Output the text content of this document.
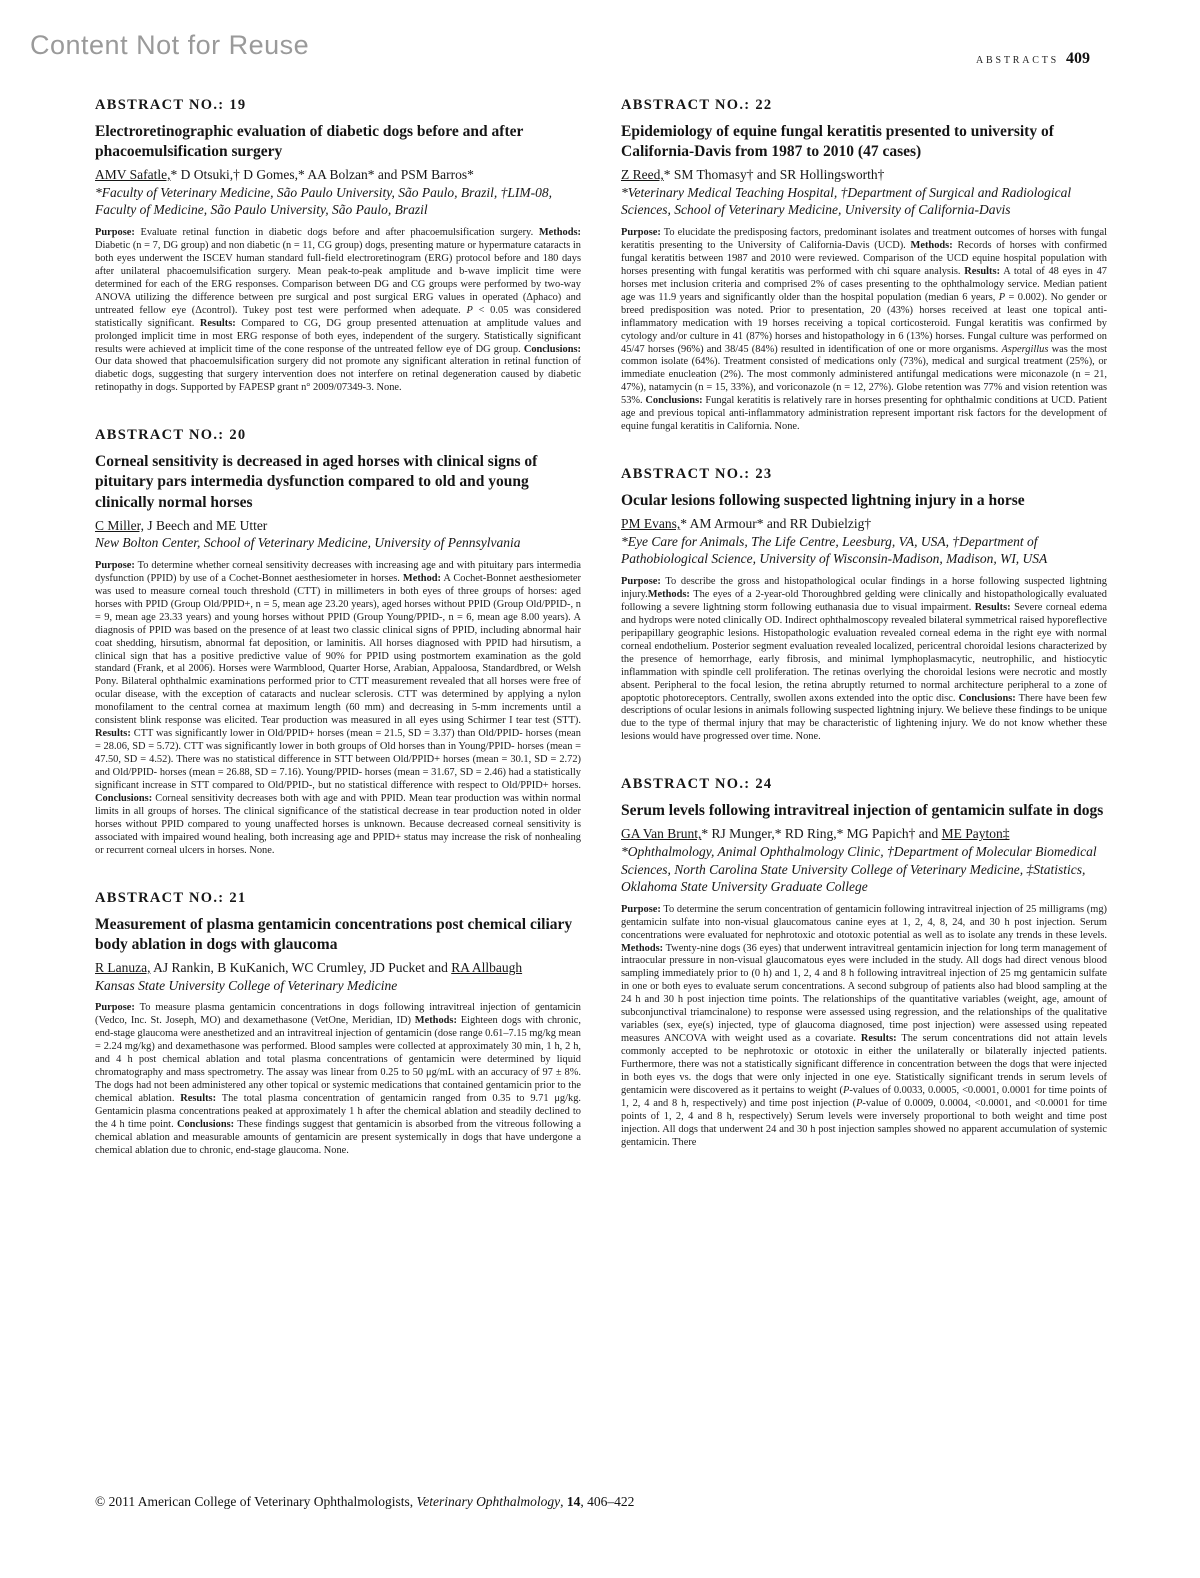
Content Not for Reuse
ABSTRACTS 409
ABSTRACT NO.: 19
Electroretinographic evaluation of diabetic dogs before and after phacoemulsification surgery
AMV Safatle,* D Otsuki,† D Gomes,* AA Bolzan* and PSM Barros*
*Faculty of Veterinary Medicine, São Paulo University, São Paulo, Brazil, †LIM-08, Faculty of Medicine, São Paulo University, São Paulo, Brazil

Purpose: Evaluate retinal function in diabetic dogs before and after phacoemulsification surgery. Methods: Diabetic (n = 7, DG group) and non diabetic (n = 11, CG group) dogs, presenting mature or hypermature cataracts in both eyes underwent the ISCEV human standard full-field electroretinogram (ERG) protocol before and 180 days after unilateral phacoemulsification surgery. Mean peak-to-peak amplitude and b-wave implicit time were determined for each of the ERG responses. Comparison between DG and CG groups were performed by two-way ANOVA utilizing the difference between pre surgical and post surgical ERG values in operated (Δphaco) and untreated fellow eye (Δcontrol). Tukey post test were performed when adequate. P < 0.05 was considered statistically significant. Results: Compared to CG, DG group presented attenuation at amplitude values and prolonged implicit time in most ERG response of both eyes, independent of the surgery. Statistically significant results were achieved at implicit time of the cone response of the untreated fellow eye of DG group. Conclusions: Our data showed that phacoemulsification surgery did not promote any significant alteration in retinal function of diabetic dogs, suggesting that surgery intervention does not interfere on retinal degeneration caused by diabetic retinopathy in dogs. Supported by FAPESP grant n° 2009/07349-3. None.

ABSTRACT NO.: 20
Corneal sensitivity is decreased in aged horses with clinical signs of pituitary pars intermedia dysfunction compared to old and young clinically normal horses
C Miller, J Beech and ME Utter
New Bolton Center, School of Veterinary Medicine, University of Pennsylvania

Purpose: To determine whether corneal sensitivity decreases with increasing age and with pituitary pars intermedia dysfunction (PPID) by use of a Cochet-Bonnet aesthesiometer in horses. Method: A Cochet-Bonnet aesthesiometer was used to measure corneal touch threshold (CTT) in millimeters in both eyes of three groups of horses: aged horses with PPID (Group Old/PPID+, n = 5, mean age 23.20 years), aged horses without PPID (Group Old/PPID-, n = 9, mean age 23.33 years) and young horses without PPID (Group Young/PPID-, n = 6, mean age 8.00 years). A diagnosis of PPID was based on the presence of at least two classic clinical signs of PPID, including abnormal hair coat shedding, hirsutism, abnormal fat deposition, or laminitis. All horses diagnosed with PPID had hirsutism, a clinical sign that has a positive predictive value of 90% for PPID using postmortem examination as the gold standard (Frank, et al 2006). Horses were Warmblood, Quarter Horse, Arabian, Appaloosa, Standardbred, or Welsh Pony. Bilateral ophthalmic examinations performed prior to CTT measurement revealed that all horses were free of ocular disease, with the exception of cataracts and nuclear sclerosis. CTT was determined by applying a nylon monofilament to the central cornea at maximum length (60 mm) and decreasing in 5-mm increments until a consistent blink response was elicited. Tear production was measured in all eyes using Schirmer I tear test (STT). Results: CTT was significantly lower in Old/PPID+ horses (mean = 21.5, SD = 3.37) than Old/PPID- horses (mean = 28.06, SD = 5.72). CTT was significantly lower in both groups of Old horses than in Young/PPID- horses (mean = 47.50, SD = 4.52). There was no statistical difference in STT between Old/PPID+ horses (mean = 30.1, SD = 2.72) and Old/PPID- horses (mean = 26.88, SD = 7.16). Young/PPID- horses (mean = 31.67, SD = 2.46) had a statistically significant increase in STT compared to Old/PPID-, but no statistical difference with respect to Old/PPID+ horses. Conclusions: Corneal sensitivity decreases both with age and with PPID. Mean tear production was within normal limits in all groups of horses. The clinical significance of the statistical decrease in tear production noted in older horses without PPID compared to young unaffected horses is unknown. Because decreased corneal sensitivity is associated with impaired wound healing, both increasing age and PPID+ status may increase the risk of nonhealing or recurrent corneal ulcers in horses. None.

ABSTRACT NO.: 21
Measurement of plasma gentamicin concentrations post chemical ciliary body ablation in dogs with glaucoma
R Lanuza, AJ Rankin, B KuKanich, WC Crumley, JD Pucket and RA Allbaugh
Kansas State University College of Veterinary Medicine

Purpose: To measure plasma gentamicin concentrations in dogs following intravitreal injection of gentamicin (Vedco, Inc. St. Joseph, MO) and dexamethasone (VetOne, Meridian, ID) Methods: Eighteen dogs with chronic, end-stage glaucoma were anesthetized and an intravitreal injection of gentamicin (dose range 0.61–7.15 mg/kg mean = 2.24 mg/kg) and dexamethasone was performed. Blood samples were collected at approximately 30 min, 1 h, 2 h, and 4 h post chemical ablation and total plasma concentrations of gentamicin were determined by liquid chromatography and mass spectrometry. The assay was linear from 0.25 to 50 μg/mL with an accuracy of 97 ± 8%. The dogs had not been administered any other topical or systemic medications that contained gentamicin prior to the chemical ablation. Results: The total plasma concentration of gentamicin ranged from 0.35 to 9.71 μg/kg. Gentamicin plasma concentrations peaked at approximately 1 h after the chemical ablation and steadily declined to the 4 h time point. Conclusions: These findings suggest that gentamicin is absorbed from the vitreous following a chemical ablation and measurable amounts of gentamicin are present systemically in dogs that have undergone a chemical ablation due to chronic, end-stage glaucoma. None.

ABSTRACT NO.: 22
Epidemiology of equine fungal keratitis presented to university of California-Davis from 1987 to 2010 (47 cases)
Z Reed,* SM Thomasy† and SR Hollingsworth†
*Veterinary Medical Teaching Hospital, †Department of Surgical and Radiological Sciences, School of Veterinary Medicine, University of California-Davis

Purpose: To elucidate the predisposing factors, predominant isolates and treatment outcomes of horses with fungal keratitis presenting to the University of California-Davis (UCD). Methods: Records of horses with confirmed fungal keratitis between 1987 and 2010 were reviewed. Comparison of the UCD equine hospital population with horses presenting with fungal keratitis was performed with chi square analysis. Results: A total of 48 eyes in 47 horses met inclusion criteria and comprised 2% of cases presenting to the ophthalmology service. Median patient age was 11.9 years and significantly older than the hospital population (median 6 years, P = 0.002). No gender or breed predisposition was noted. Prior to presentation, 20 (43%) horses received at least one topical anti-inflammatory medication with 19 horses receiving a topical corticosteroid. Fungal keratitis was confirmed by cytology and/or culture in 41 (87%) horses and histopathology in 6 (13%) horses. Fungal culture was performed on 45/47 horses (96%) and 38/45 (84%) resulted in identification of one or more organisms. Aspergillus was the most common isolate (64%). Treatment consisted of medications only (73%), medical and surgical treatment (25%), or immediate enucleation (2%). The most commonly administered antifungal medications were miconazole (n = 21, 47%), natamycin (n = 15, 33%), and voriconazole (n = 12, 27%). Globe retention was 77% and vision retention was 53%. Conclusions: Fungal keratitis is relatively rare in horses presenting for ophthalmic conditions at UCD. Patient age and previous topical anti-inflammatory administration represent important risk factors for the development of equine fungal keratitis in California. None.

ABSTRACT NO.: 23
Ocular lesions following suspected lightning injury in a horse
PM Evans,* AM Armour* and RR Dubielzig†
*Eye Care for Animals, The Life Centre, Leesburg, VA, USA, †Department of Pathobiological Science, University of Wisconsin-Madison, Madison, WI, USA

Purpose: To describe the gross and histopathological ocular findings in a horse following suspected lightning injury.Methods: The eyes of a 2-year-old Thoroughbred gelding were clinically and histopathologically evaluated following a severe lightning storm following euthanasia due to visual impairment. Results: Severe corneal edema and hydrops were noted clinically OD. Indirect ophthalmoscopy revealed bilateral symmetrical raised hyporeflective peripapillary geographic lesions. Histopathologic evaluation revealed corneal edema in the right eye with normal corneal endothelium. Posterior segment evaluation revealed localized, pericentral choroidal lesions characterized by the presence of hemorrhage, early fibrosis, and minimal lymphoplasmacytic, neutrophilic, and histiocytic inflammation with spindle cell proliferation. The retinas overlying the choroidal lesions were necrotic and mostly absent. Peripheral to the focal lesion, the retina abruptly returned to normal architecture peripheral to a zone of apoptotic photoreceptors. Centrally, swollen axons extended into the optic disc. Conclusions: There have been few descriptions of ocular lesions in animals following suspected lightning injury. We believe these findings to be unique due to the type of thermal injury that may be characteristic of lightening injury. We do not know whether these lesions would have progressed over time. None.

ABSTRACT NO.: 24
Serum levels following intravitreal injection of gentamicin sulfate in dogs
GA Van Brunt,* RJ Munger,* RD Ring,* MG Papich† and ME Payton‡
*Ophthalmology, Animal Ophthalmology Clinic, †Department of Molecular Biomedical Sciences, North Carolina State University College of Veterinary Medicine, ‡Statistics, Oklahoma State University Graduate College

Purpose: To determine the serum concentration of gentamicin following intravitreal injection of 25 milligrams (mg) gentamicin sulfate into non-visual glaucomatous canine eyes at 1, 2, 4, 8, 24, and 30 h post injection. Serum concentrations were evaluated for nephrotoxic and ototoxic potential as well as to isolate any trends in these levels. Methods: Twenty-nine dogs (36 eyes) that underwent intravitreal gentamicin injection for long term management of intraocular pressure in non-visual glaucomatous eyes were included in the study. All dogs had direct venous blood sampling immediately prior to (0 h) and 1, 2, 4 and 8 h following intravitreal injection of 25 mg gentamicin sulfate in one or both eyes to evaluate serum concentrations. A second subgroup of patients also had blood sampling at the 24 h and 30 h post injection time points. The relationships of the quantitative variables (weight, age, amount of subconjunctival triamcinalone) to response were assessed using regression, and the relationships of the qualitative variables (sex, eye(s) injected, type of glaucoma diagnosed, time post injection) were assessed using repeated measures ANCOVA with weight used as a covariate. Results: The serum concentrations did not attain levels commonly accepted to be nephrotoxic or ototoxic in either the unilaterally or bilaterally injected patients. Furthermore, there was not a statistically significant difference in concentration between the dogs that were injected in both eyes vs. the dogs that were only injected in one eye. Statistically significant trends in serum levels of gentamicin were discovered as it pertains to weight (P-values of 0.0033, 0.0005, <0.0001, 0.0001 for time points of 1, 2, 4 and 8 h, respectively) and time post injection (P-value of 0.0009, 0.0004, <0.0001, and <0.0001 for time points of 1, 2, 4 and 8 h, respectively) Serum levels were inversely proportional to both weight and time post injection. All dogs that underwent 24 and 30 h post injection samples showed no apparent accumulation of systemic gentamicin. There

© 2011 American College of Veterinary Ophthalmologists, Veterinary Ophthalmology, 14, 406–422
